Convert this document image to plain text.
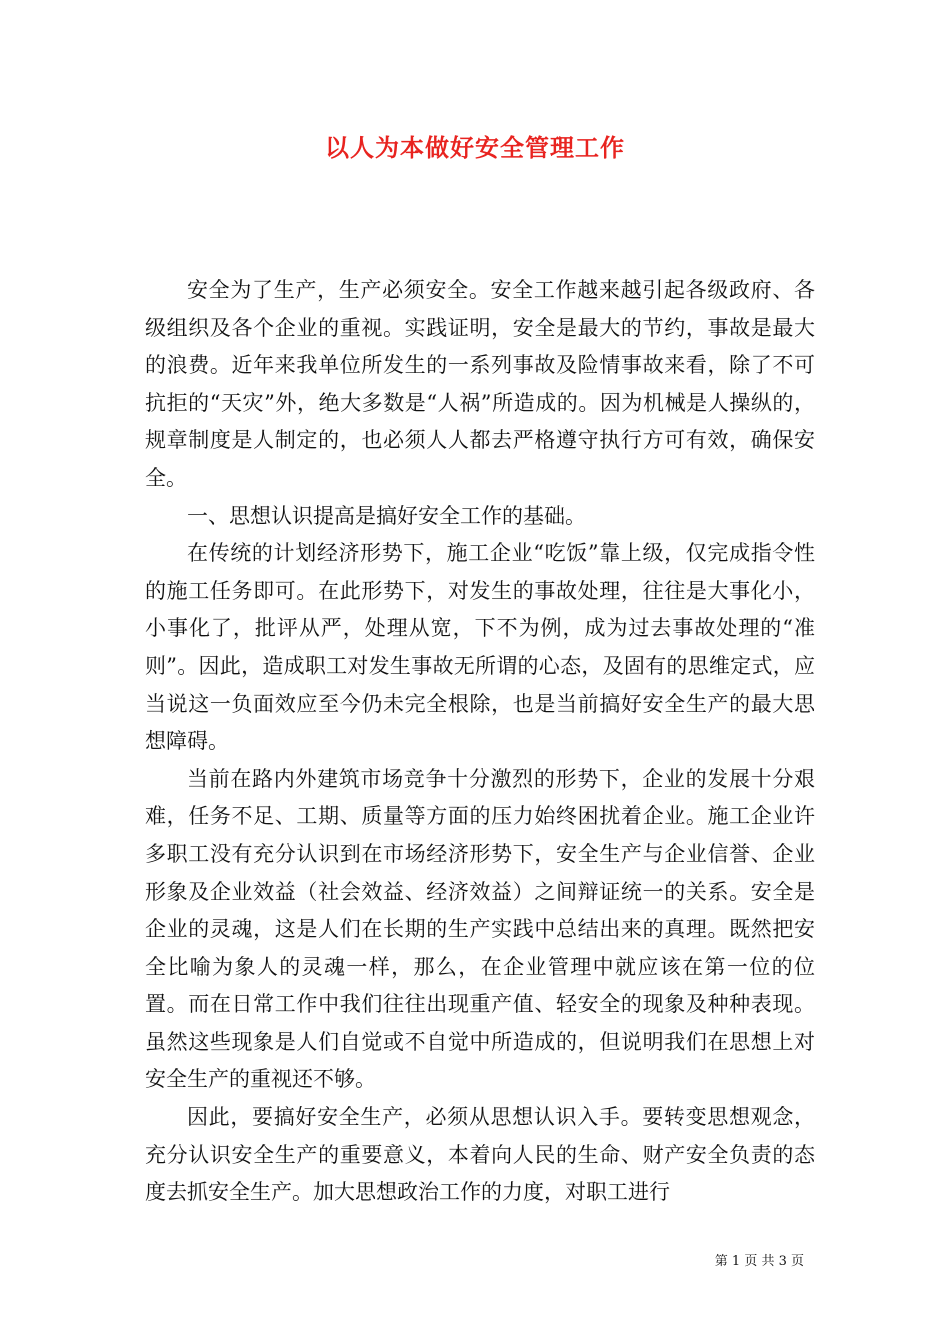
以人为本做好安全管理工作

安全为了生产，生产必须安全。安全工作越来越引起各级政府、各级组织及各个企业的重视。实践证明，安全是最大的节约，事故是最大的浪费。近年来我单位所发生的一系列事故及险情事故来看，除了不可抗拒的“天灾”外，绝大多数是“人祸”所造成的。因为机械是人操纵的，规章制度是人制定的，也必须人人都去严格遵守执行方可有效，确保安全。

一、思想认识提高是搞好安全工作的基础。

在传统的计划经济形势下，施工企业“吃饭”靠上级，仅完成指令性的施工任务即可。在此形势下，对发生的事故处理，往往是大事化小，小事化了，批评从严，处理从宽，下不为例，成为过去事故处理的“准则”。因此，造成职工对发生事故无所谓的心态，及固有的思维定式，应当说这一负面效应至今仍未完全根除，也是当前搞好安全生产的最大思想障碍。

当前在路内外建筑市场竞争十分激烈的形势下，企业的发展十分艰难，任务不足、工期、质量等方面的压力始终困扰着企业。施工企业许多职工没有充分认识到在市场经济形势下，安全生产与企业信誉、企业形象及企业效益（社会效益、经济效益）之间辩证统一的关系。安全是企业的灵魂，这是人们在长期的生产实践中总结出来的真理。既然把安全比喻为象人的灵魂一样，那么，在企业管理中就应该在第一位的位置。而在日常工作中我们往往出现重产值、轻安全的现象及种种表现。虽然这些现象是人们自觉或不自觉中所造成的，但说明我们在思想上对安全生产的重视还不够。

因此，要搞好安全生产，必须从思想认识入手。要转变思想观念，充分认识安全生产的重要意义，本着向人民的生命、财产安全负责的态度去抓安全生产。加大思想政治工作的力度，对职工进行

第 1 页 共 3 页
